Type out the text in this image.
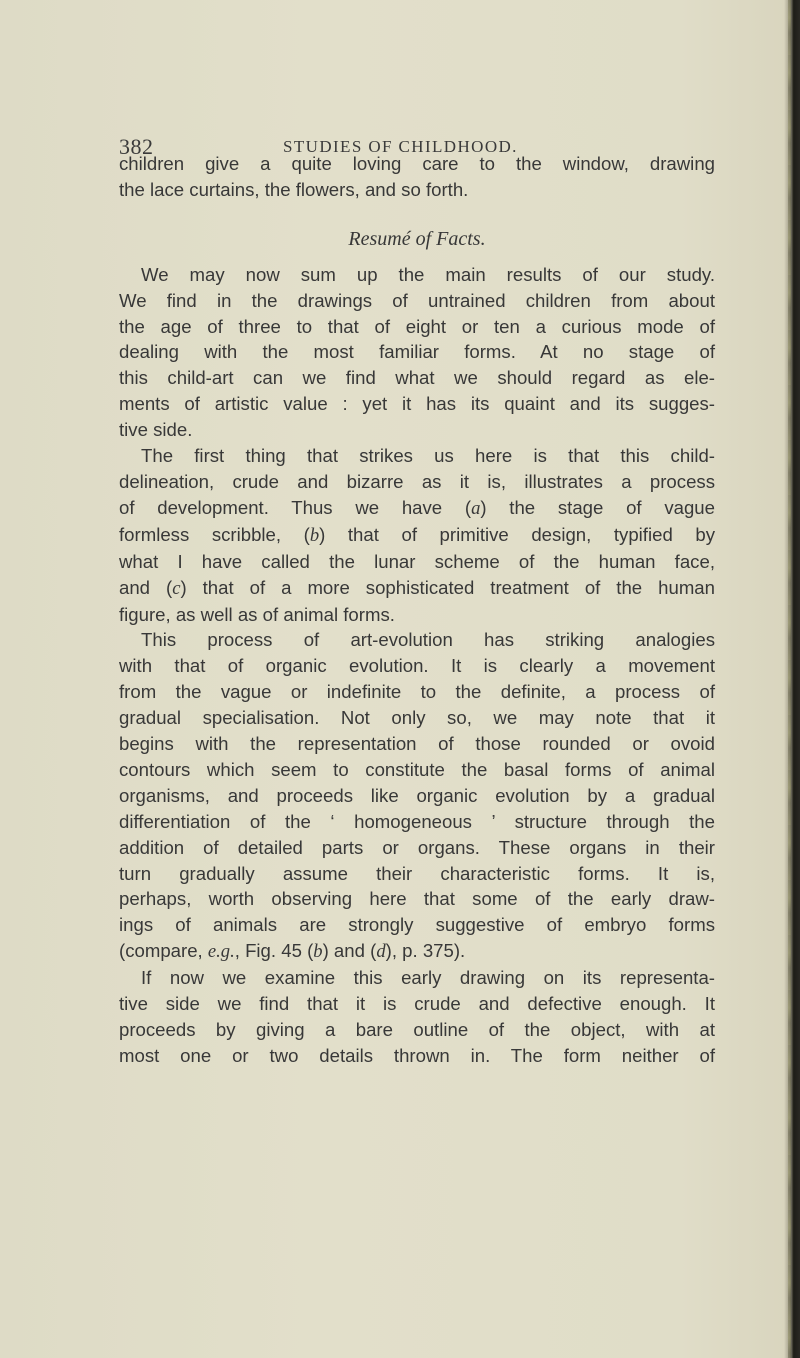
382	STUDIES OF CHILDHOOD.
children give a quite loving care to the window, drawing
the lace curtains, the flowers, and so forth.
Resumé of Facts.
We may now sum up the main results of our study.
We find in the drawings of untrained children from about
the age of three to that of eight or ten a curious mode of
dealing with the most familiar forms. At no stage of
this child-art can we find what we should regard as ele-
ments of artistic value : yet it has its quaint and its sugges-
tive side.
The first thing that strikes us here is that this child-
delineation, crude and bizarre as it is, illustrates a process
of development. Thus we have (a) the stage of vague
formless scribble, (b) that of primitive design, typified by
what I have called the lunar scheme of the human face,
and (c) that of a more sophisticated treatment of the human
figure, as well as of animal forms.
This process of art-evolution has striking analogies
with that of organic evolution. It is clearly a movement
from the vague or indefinite to the definite, a process of
gradual specialisation. Not only so, we may note that it
begins with the representation of those rounded or ovoid
contours which seem to constitute the basal forms of animal
organisms, and proceeds like organic evolution by a gradual
differentiation of the ‘ homogeneous ’ structure through the
addition of detailed parts or organs. These organs in their
turn gradually assume their characteristic forms. It is,
perhaps, worth observing here that some of the early draw-
ings of animals are strongly suggestive of embryo forms
(compare, e.g., Fig. 45 (b) and (d), p. 375).
If now we examine this early drawing on its representa-
tive side we find that it is crude and defective enough. It
proceeds by giving a bare outline of the object, with at
most one or two details thrown in. The form neither of
